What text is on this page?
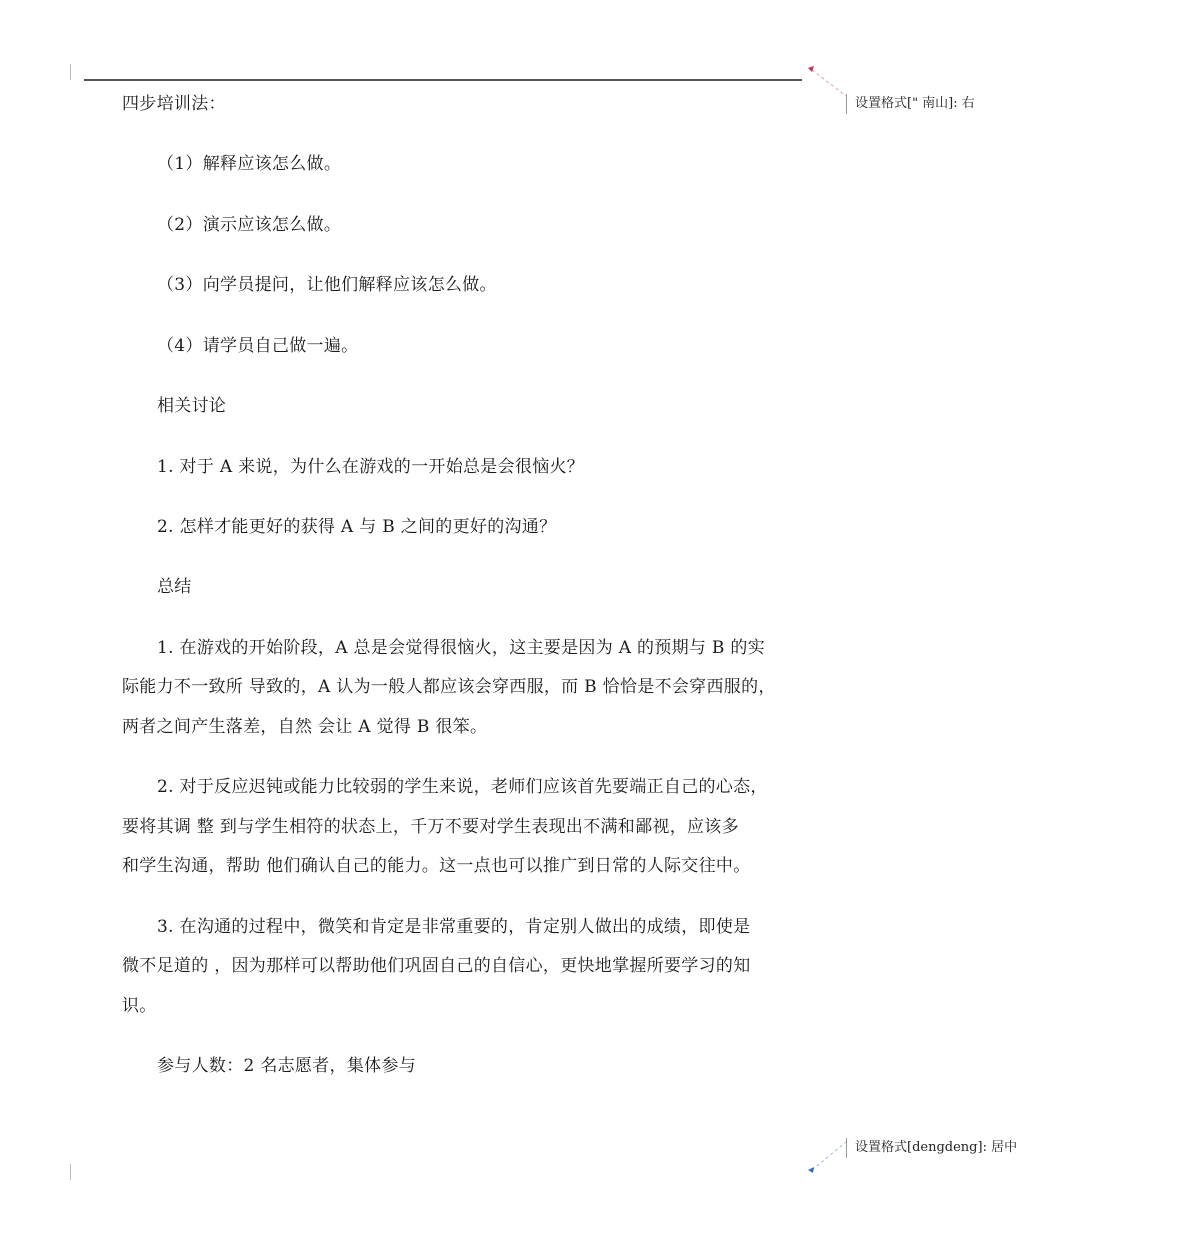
四步培训法：
（1）解释应该怎么做。
（2）演示应该怎么做。
（3）向学员提问，让他们解释应该怎么做。
（4）请学员自己做一遍。
相关讨论
1. 对于 A 来说，为什么在游戏的一开始总是会很恼火？
2. 怎样才能更好的获得 A 与 B 之间的更好的沟通？
总结
1. 在游戏的开始阶段，A 总是会觉得很恼火，这主要是因为 A 的预期与 B 的实
际能力不一致所 导致的，A 认为一般人都应该会穿西服，而 B 恰恰是不会穿西服的，
两者之间产生落差，自然 会让 A 觉得 B 很笨。
2. 对于反应迟钝或能力比较弱的学生来说，老师们应该首先要端正自己的心态，
要将其调 整 到与学生相符的状态上，千万不要对学生表现出不满和鄙视，应该多
和学生沟通，帮助 他们确认自己的能力。这一点也可以推广到日常的人际交往中。
3. 在沟通的过程中，微笑和肯定是非常重要的，肯定别人做出的成绩，即使是
微不足道的 ，因为那样可以帮助他们巩固自己的自信心，更快地掌握所要学习的知
识。
参与人数：2 名志愿者，集体参与
设置格式[" 南山]: 右
设置格式[dengdeng]: 居中
